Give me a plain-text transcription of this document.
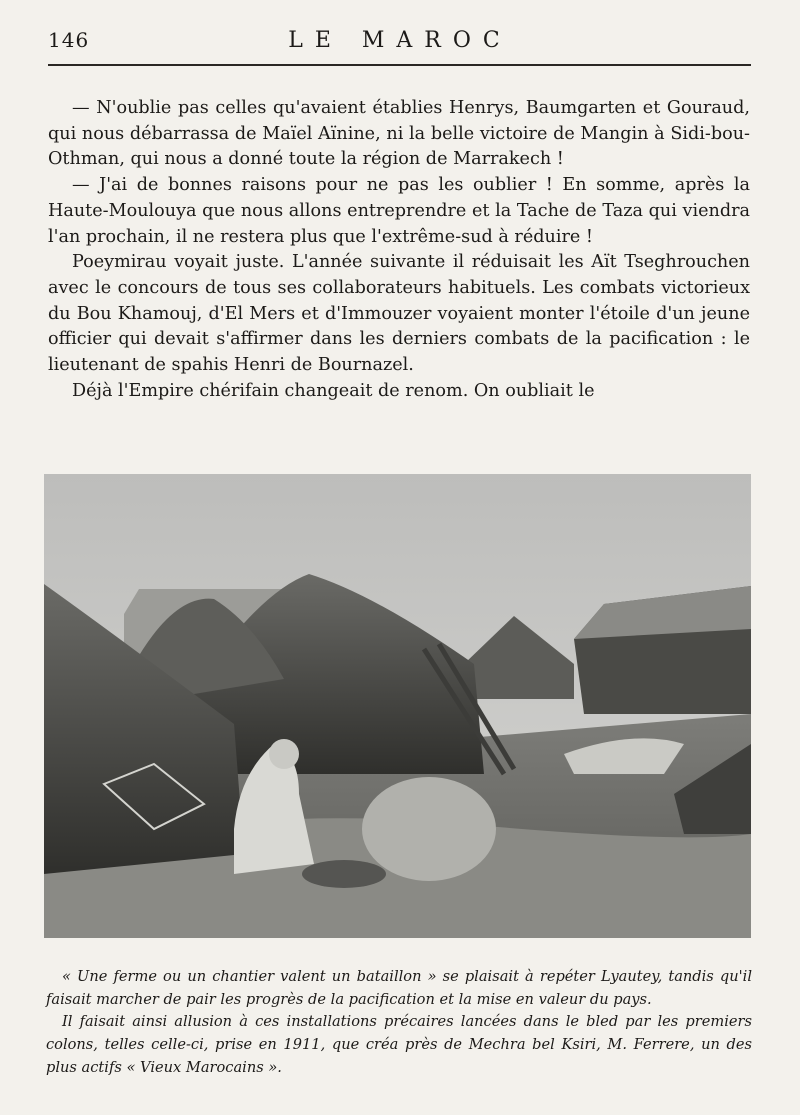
146	LE MAROC

— N'oublie pas celles qu'avaient établies Henrys, Baumgarten et Gouraud, qui nous débarrassa de Maïel Aïnine, ni la belle victoire de Mangin à Sidi-bou-Othman, qui nous a donné toute la région de Marrakech !

— J'ai de bonnes raisons pour ne pas les oublier ! En somme, après la Haute-Moulouya que nous allons entreprendre et la Tache de Taza qui viendra l'an prochain, il ne restera plus que l'extrême-sud à réduire !

Poeymirau voyait juste. L'année suivante il réduisait les Aït Tseghrouchen avec le concours de tous ses collaborateurs habituels. Les combats victorieux du Bou Khamouj, d'El Mers et d'Immouzer voyaient monter l'étoile d'un jeune officier qui devait s'affirmer dans les derniers combats de la pacification : le lieutenant de spahis Henri de Bournazel.

Déjà l'Empire chérifain changeait de renom. On oubliait le

« Une ferme ou un chantier valent un bataillon » se plaisait à repéter Lyautey, tandis qu'il faisait marcher de pair les progrès de la pacification et la mise en valeur du pays.

Il faisait ainsi allusion à ces installations précaires lancées dans le bled par les premiers colons, telles celle-ci, prise en 1911, que créa près de Mechra bel Ksiri, M. Ferrere, un des plus actifs « Vieux Marocains ».
